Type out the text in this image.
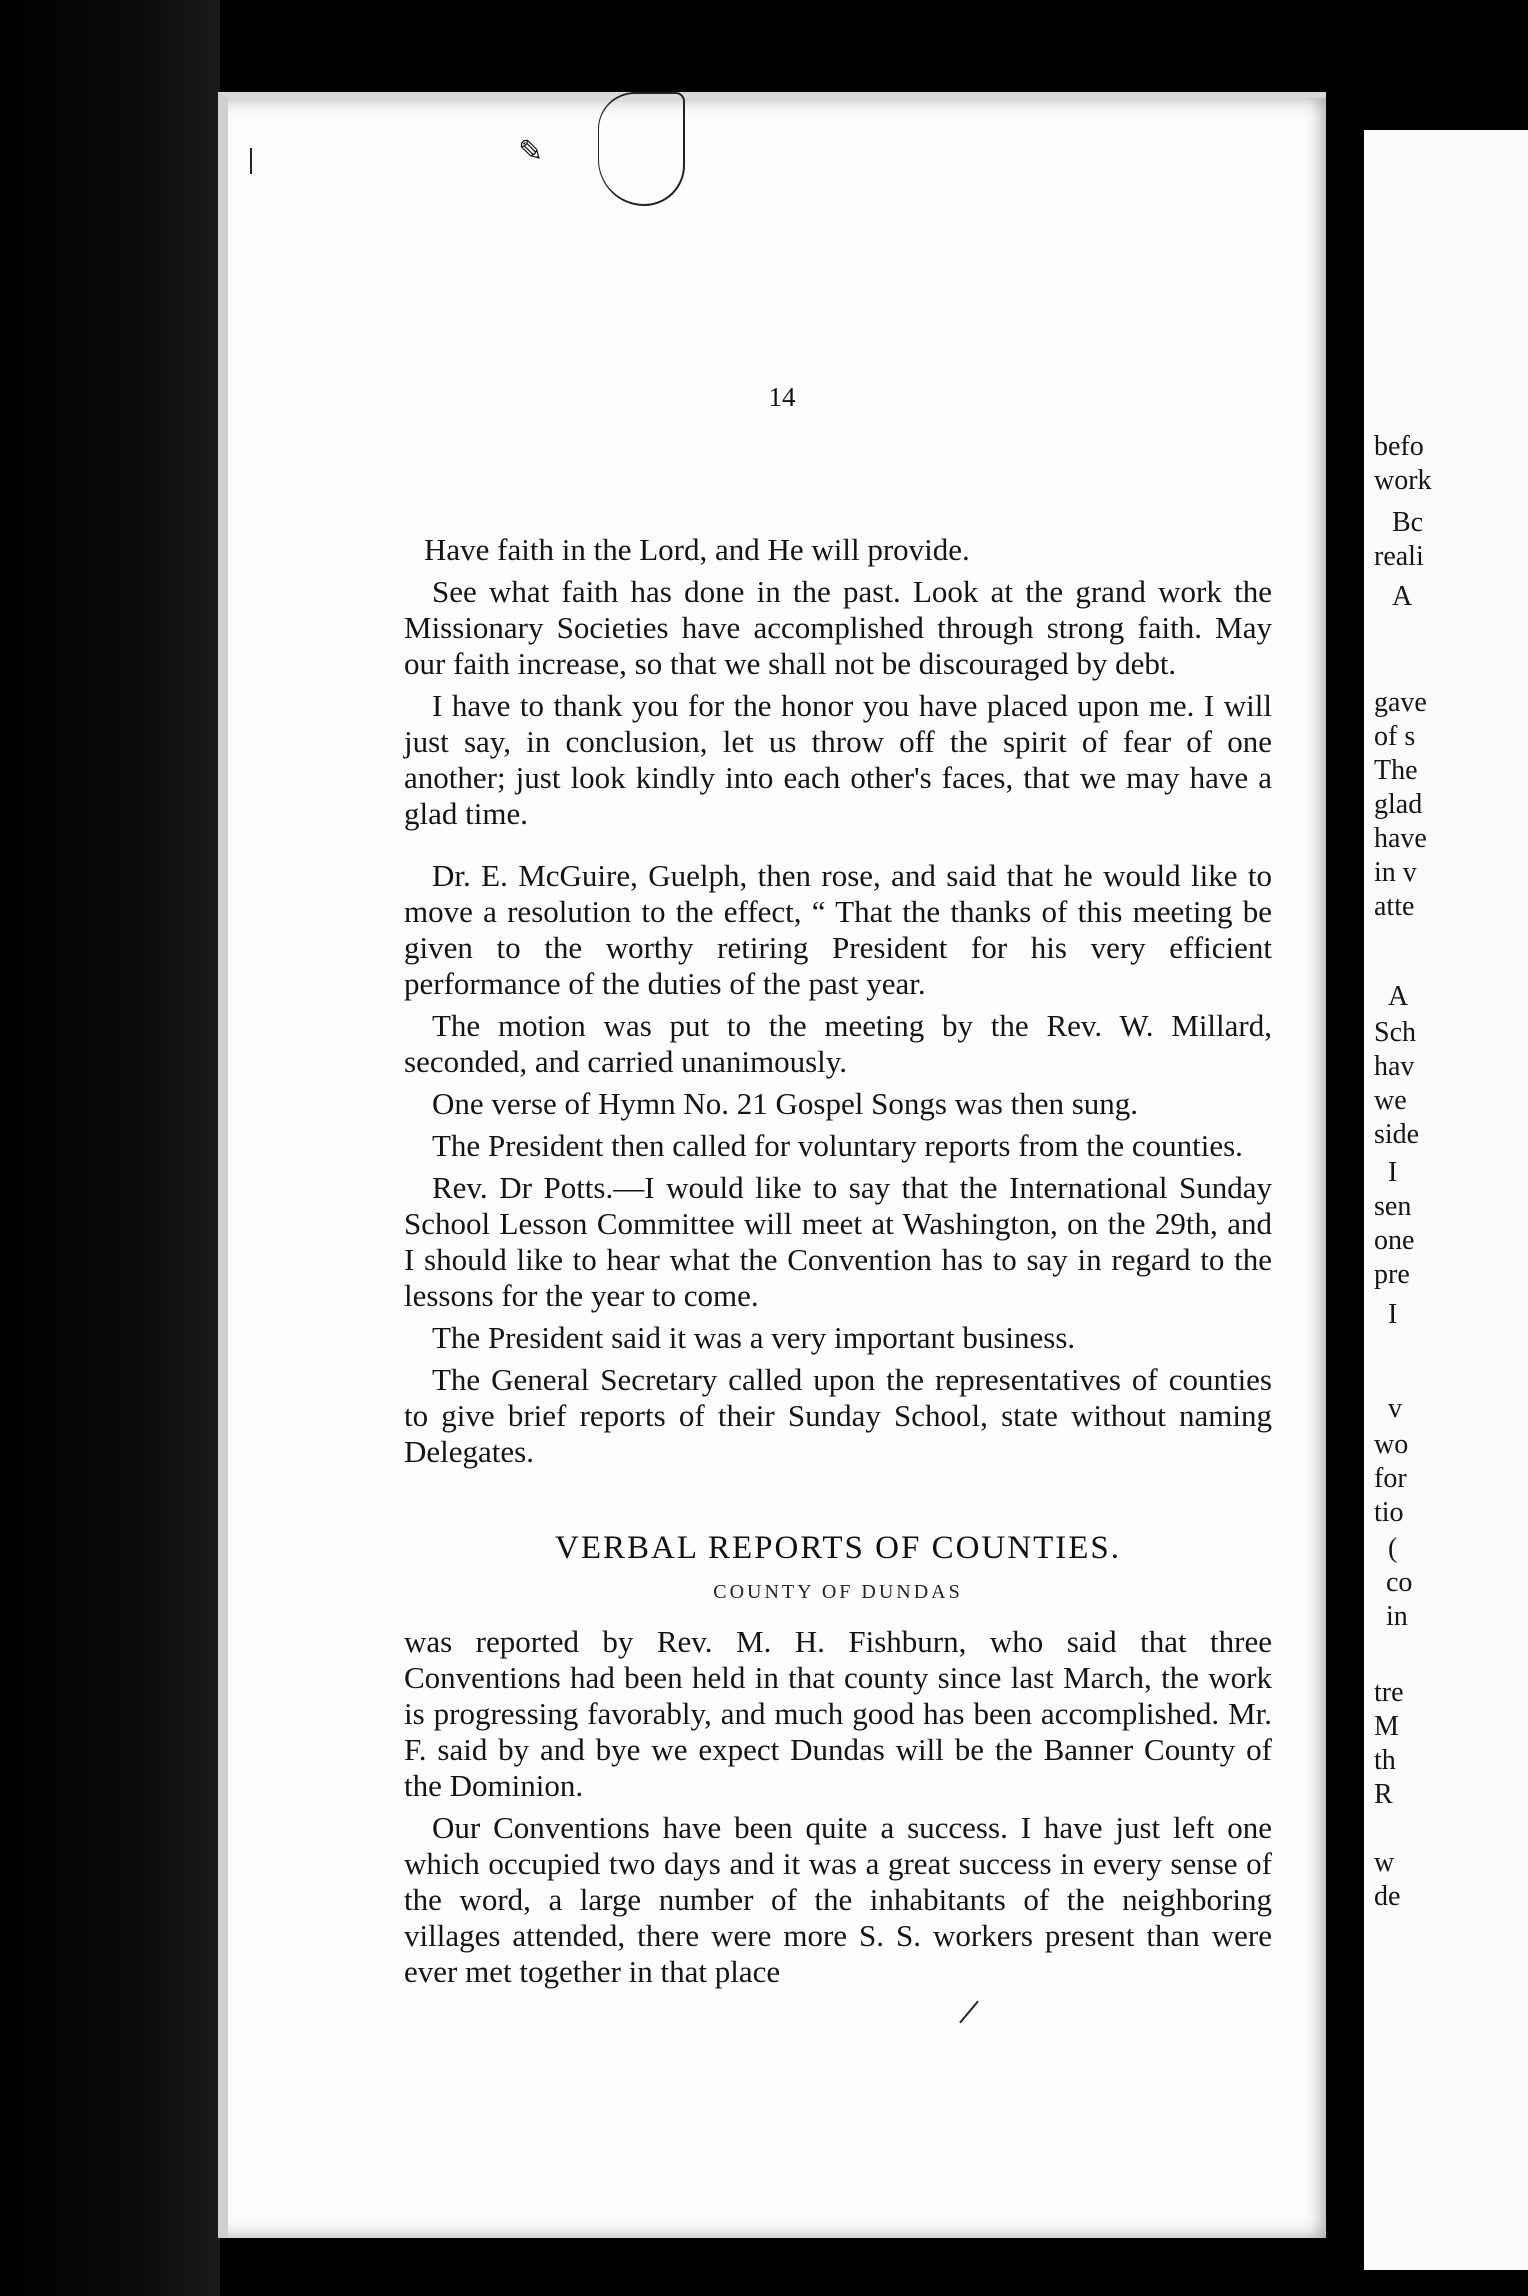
14
✎

Have faith in the Lord, and He will provide.

See what faith has done in the past. Look at the grand work the Missionary Societies have accomplished through strong faith. May our faith increase, so that we shall not be discouraged by debt.

I have to thank you for the honor you have placed upon me. I will just say, in conclusion, let us throw off the spirit of fear of one another; just look kindly into each other's faces, that we may have a glad time.

Dr. E. McGuire, Guelph, then rose, and said that he would like to move a resolution to the effect, “ That the thanks of this meeting be given to the worthy retiring President for his very efficient performance of the duties of the past year.

The motion was put to the meeting by the Rev. W. Millard, seconded, and carried unanimously.

One verse of Hymn No. 21 Gospel Songs was then sung.

The President then called for voluntary reports from the counties.

Rev. Dr Potts.—I would like to say that the International Sunday School Lesson Committee will meet at Washington, on the 29th, and I should like to hear what the Convention has to say in regard to the lessons for the year to come.

The President said it was a very important business.

The General Secretary called upon the representatives of counties to give brief reports of their Sunday School, state without naming Delegates.

VERBAL REPORTS OF COUNTIES.
COUNTY OF DUNDAS

was reported by Rev. M. H. Fishburn, who said that three Conventions had been held in that county since last March, the work is progressing favorably, and much good has been accomplished. Mr. F. said by and bye we expect Dundas will be the Banner County of the Dominion.

Our Conventions have been quite a success. I have just left one which occupied two days and it was a great success in every sense of the word, a large number of the inhabitants of the neighboring villages attended, there were more S. S. workers present than were ever met together in that place

befo
work
Bc
reali
A
gave
of s
The
glad
have
in v
atte
A
Sch
hav
we
side
I
sen
one
pre
I
v
wo
for
tio
(
co
in
tre
M
th
R
w
de
